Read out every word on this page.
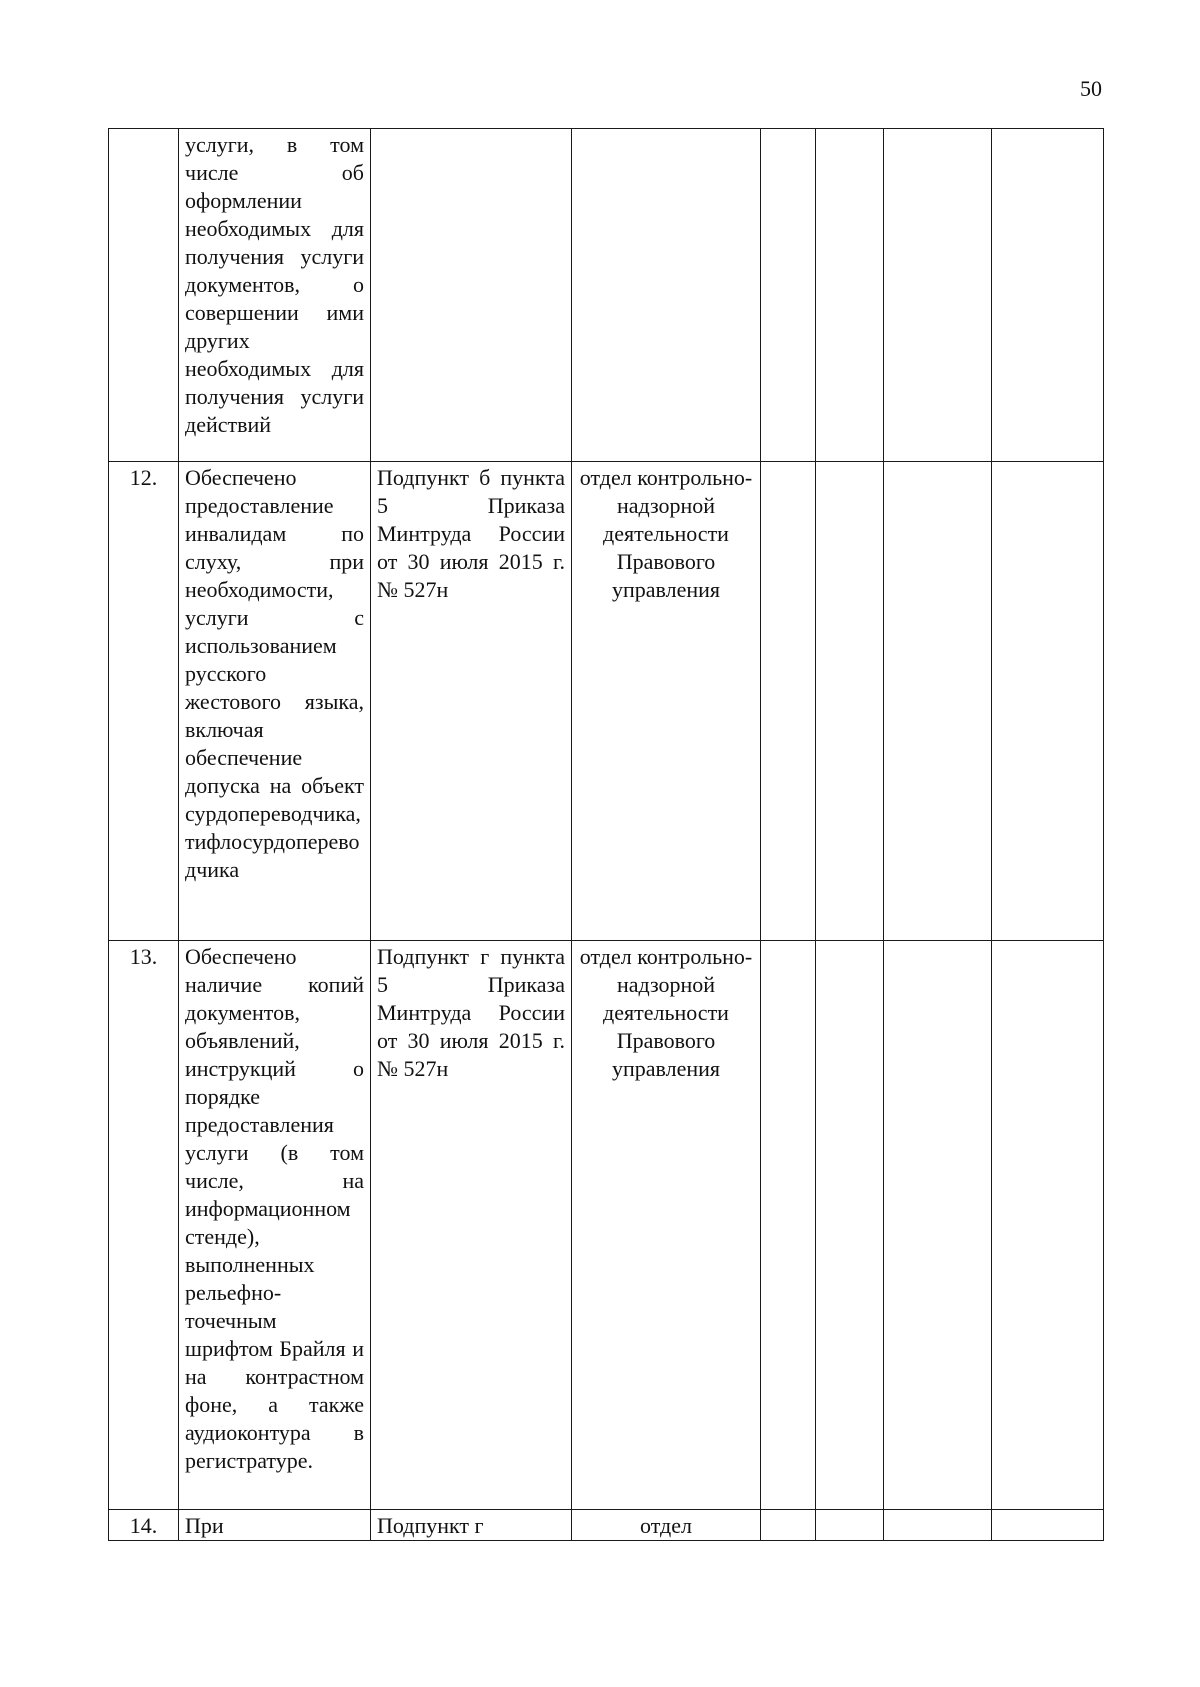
50

	услуги, в том числе об оформлении необходимых для получения услуги документов, о совершении ими других необходимых для получения услуги действий						

12.	Обеспечено предоставление инвалидам по слуху, при необходимости, услуги с использованием русского жестового языка, включая обеспечение допуска на объект сурдопереводчика, тифлосурдопереводчика	Подпункт б пункта 5 Приказа Минтруда России от 30 июля 2015 г. № 527н	отдел контрольно-надзорной деятельности Правового управления				

13.	Обеспечено наличие копий документов, объявлений, инструкций о порядке предоставления услуги (в том числе, на информационном стенде), выполненных рельефно-точечным шрифтом Брайля и на контрастном фоне, а также аудиоконтура в регистратуре.	Подпункт г пункта 5 Приказа Минтруда России от 30 июля 2015 г. № 527н	отдел контрольно-надзорной деятельности Правового управления				

14.	При	Подпункт г	отдел				
